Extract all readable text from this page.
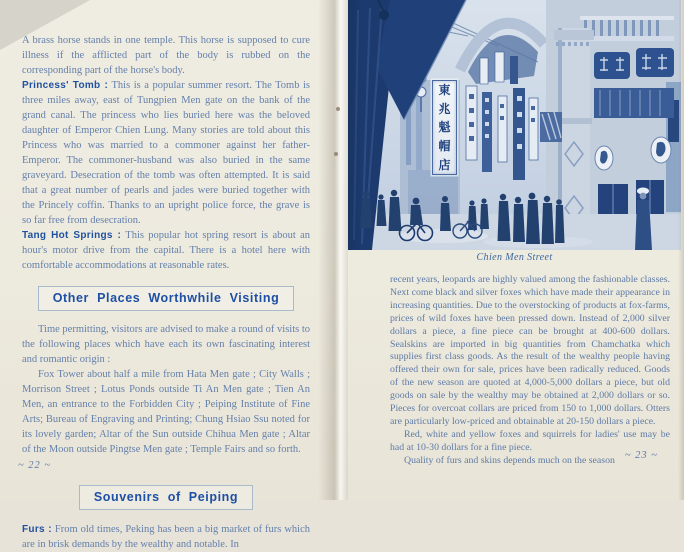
A brass horse stands in one temple. This horse is supposed to cure illness if the afflicted part of the body is rubbed on the corresponding part of the horse's body.

Princess' Tomb : This is a popular summer resort. The Tomb is three miles away, east of Tungpien Men gate on the bank of the grand canal. The princess who lies buried here was the beloved daughter of Emperor Chien Lung. Many stories are told about this Princess who was married to a commoner against her father-Emperor. The commoner-husband was also buried in the same graveyard. Desecration of the tomb was often attempted. It is said that a great number of pearls and jades were buried together with the Princely coffin. Thanks to an upright police force, the grave is so far free from desecration.

Tang Hot Springs : This popular hot spring resort is about an hour's motor drive from the capital. There is a hotel here with comfortable accommodations at reasonable rates.

Other Places Worthwhile Visiting

Time permitting, visitors are advised to make a round of visits to the following places which have each its own fascinating interest and romantic origin :

Fox Tower about half a mile from Hata Men gate ; City Walls ; Morrison Street ; Lotus Ponds outside Ti An Men gate ; Tien An Men, an entrance to the Forbidden City ; Peiping Institute of Fine Arts; Bureau of Engraving and Printing; Chung Hsiao Ssu noted for its lovely garden; Altar of the Sun outside Chihua Men gate ; Altar of the Moon outside Pingtse Men gate ; Temple Fairs and so forth.

Souvenirs of Peiping

Furs : From old times, Peking has been a big market of furs which are in brisk demands by the wealthy and notable. In

~ 22 ~
東
兆
魁
帽
店
Chien Men Street

recent years, leopards are highly valued among the fashionable classes. Next come black and silver foxes which have made their appearance in increasing quantities. Due to the overstocking of products at fox-farms, prices of wild foxes have been pressed down. Instead of 2,000 silver dollars a piece, a fine piece can be brought at 400-600 dollars. Sealskins are imported in big quantities from Chamchatka which supplies first class goods. As the result of the wealthy people having offered their own for sale, prices have been radically reduced. Goods of the new season are quoted at 4,000-5,000 dollars a piece, but old goods on sale by the wealthy may be obtained at 2,000 dollars or so. Pieces for overcoat collars are priced from 150 to 1,000 dollars. Otters are particularly low-priced and obtainable at 20-150 dollars a piece.

Red, white and yellow foxes and squirrels for ladies' use may be had at 10-30 dollars for a fine piece.

Quality of furs and skins depends much on the season ~ 23 ~
